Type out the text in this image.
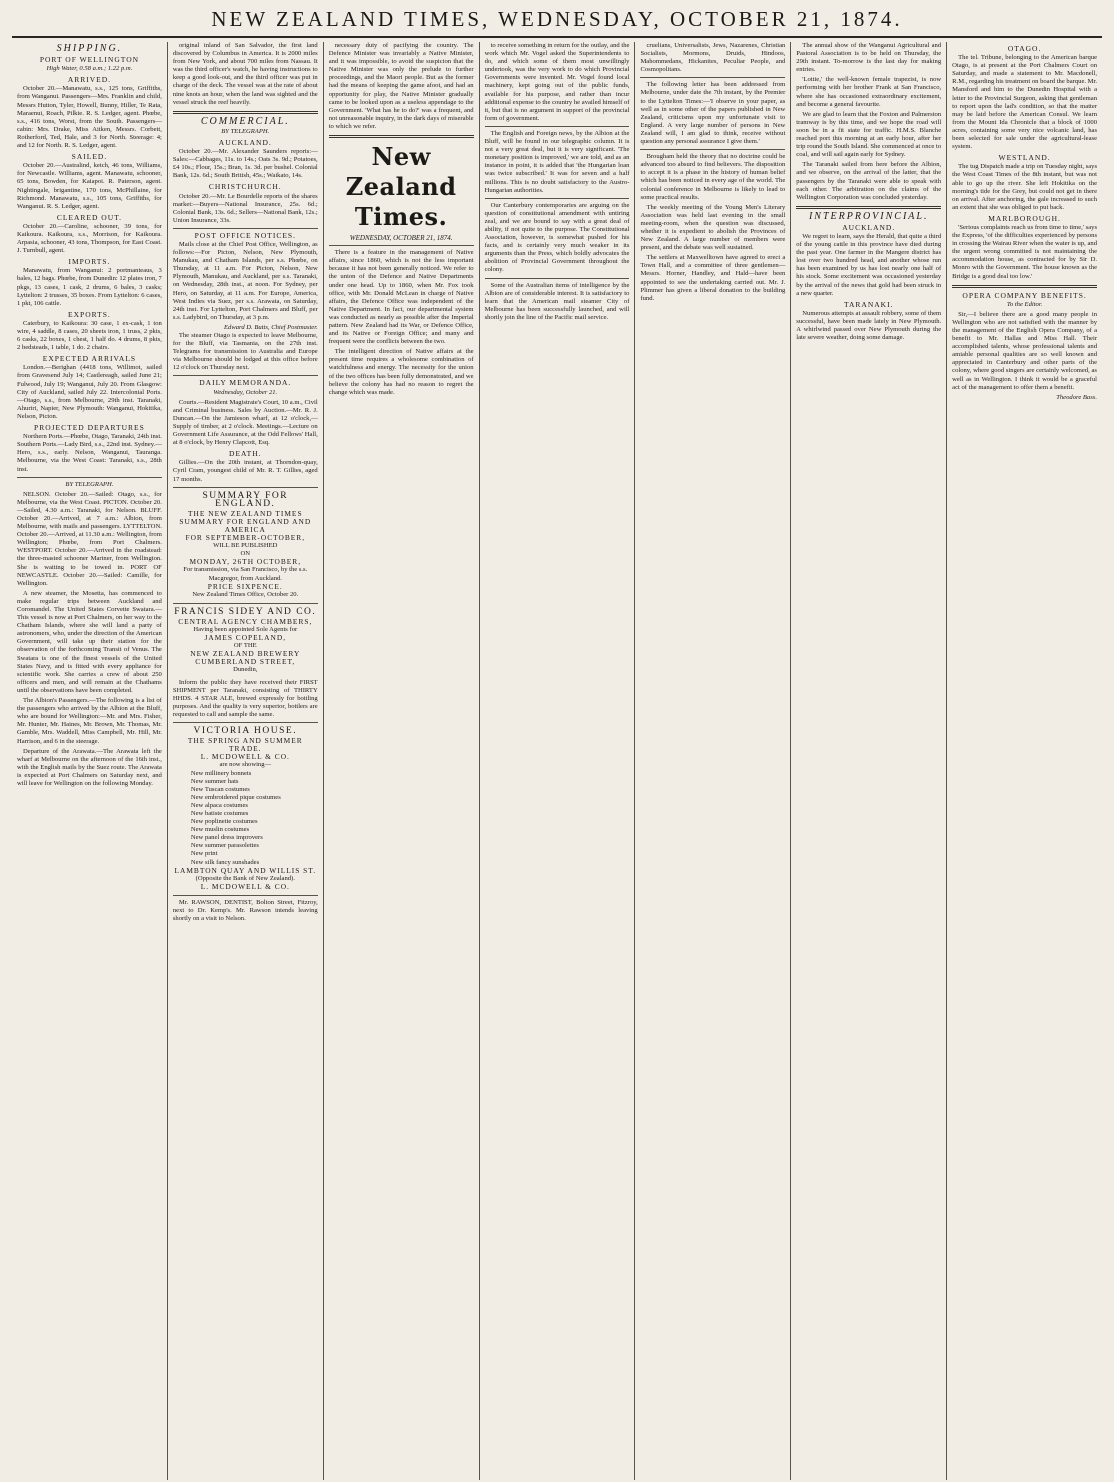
NEW ZEALAND TIMES, WEDNESDAY, OCTOBER 21, 1874.
SHIPPING.
PORT OF WELLINGTON
High Water, 0.58 a.m.; 1.22 p.m.
ARRIVED.

October 20.—Manawatu, s.s., 125 tons, Griffiths, from Wanganui. Passengers—Mrs. Franklin and child, Messrs Hutton, Tyler, Howell, Bunny, Hiller, Te Rata, Maraenui, Roach, Pilkie. R. S. Ledger, agent. Phœbe, s.s., 416 tons, Worst, from the South. Passengers—cabin: Mrs. Drake, Miss Aitken, Messrs. Corbett, Rotherford, Ted, Hale, and 3 for North. Steerage: 4; and 12 for North. R. S. Ledger, agent.

SAILED.

October 20.—Australind, ketch, 46 tons, Williams, for Newcastle. Williams, agent. Manawatu, schooner, 65 tons, Bowden, for Kaiapoi. R. Paterson, agent. Nightingale, brigantine, 170 tons, McPhillaine, for Richmond. Manawatu, s.s., 105 tons, Griffiths, for Wanganui. R. S. Ledger, agent.

CLEARED OUT.

October 20.—Caroline, schooner, 39 tons, for Kaikoura. Kaikoura, s.s., Morrison, for Kaikoura. Arpasia, schooner, 43 tons, Thompson, for East Coast. J. Turnbull, agent.

IMPORTS.

Manawatu, from Wanganui: 2 portmanteaus, 3 bales, 12 bags. Phœbe, from Dunedin: 12 plates iron, 7 pkgs, 13 cases, 1 cask, 2 drums, 6 bales, 3 casks; Lyttelton: 2 trusses, 35 boxes. From Lyttelton: 6 cases, 1 pkt, 106 cattle.

EXPORTS.

Caterbury, to Kaikoura: 30 case, 1 ex-cask, 1 ton wire, 4 saddle, 8 cases, 20 sheets iron, 1 truss, 2 pkts, 6 casks, 22 boxes, 1 chest, 1 half do. 4 drums, 8 pkts, 2 bedsteads, 1 table, 1 do. 2 chairs.

EXPECTED ARRIVALS

London.—Berighan (4418 tons, Willimot, sailed from Gravesend July 14; Castlereagh, sailed June 21; Fulwood, July 19; Wanganui, July 20. From Glasgow: City of Auckland, sailed July 22. Intercolonial Ports.—Otago, s.s., from Melbourne, 29th inst. Taranaki, Ahuriri, Napier, New Plymouth: Wanganui, Hokitika, Nelson, Picton.

PROJECTED DEPARTURES

Northern Ports.—Phœbe, Otago, Taranaki, 24th inst. Southern Ports.—Lady Bird, s.s., 22nd inst. Sydney.—Hero, s.s., early. Nelson, Wanganui, Tauranga. Melbourne, via the West Coast: Taranaki, s.s., 28th inst.

BY TELEGRAPH.

NELSON. October 20.—Sailed: Otago, s.s., for Melbourne, via the West Coast. PICTON. October 20.—Sailed, 4.30 a.m.: Taranaki, for Nelson. BLUFF. October 20.—Arrived, at 7 a.m.: Albion, from Melbourne, with mails and passengers. LYTTELTON. October 20.—Arrived, at 11.30 a.m.: Wellington, from Wellington; Phœbe, from Port Chalmers. WESTPORT. October 20.—Arrived in the roadstead: the three-masted schooner Mariner, from Wellington. She is waiting to be towed in. PORT OF NEWCASTLE. October 20.—Sailed: Camille, for Wellington.

A new steamer, the Mosetta, has commenced to make regular trips between Auckland and Coromandel. The United States Corvette Swatara.—This vessel is now at Port Chalmers, on her way to the Chatham Islands, where she will land a party of astronomers, who, under the direction of the American Government, will take up their station for the observation of the forthcoming Transit of Venus. The Swatara is one of the finest vessels of the United States Navy, and is fitted with every appliance for scientific work. She carries a crew of about 250 officers and men, and will remain at the Chathams until the observations have been completed.

The Albion's Passengers.—The following is a list of the passengers who arrived by the Albion at the Bluff, who are bound for Wellington:—Mr. and Mrs. Fisher, Mr. Hunter, Mr. Haines, Mr. Brown, Mr. Thomas, Mr. Gamble, Mrs. Waddell, Miss Campbell, Mr. Hill, Mr. Harrison, and 6 in the steerage.

Departure of the Arawata.—The Arawata left the wharf at Melbourne on the afternoon of the 16th inst., with the English mails by the Suez route. The Arawata is expected at Port Chalmers on Saturday next, and will leave for Wellington on the following Monday.

original inland of San Salvador, the first land discovered by Columbus in America. It is 2000 miles from New York, and about 700 miles from Nassau. It was the third officer's watch, he having instructions to keep a good look-out, and the third officer was put in charge of the deck. The vessel was at the rate of about nine knots an hour, when the land was sighted and the vessel struck the reef heavily.

COMMERCIAL.
BY TELEGRAPH.
AUCKLAND.

October 20.—Mr. Alexander Saunders reports:—Sales:—Cabbages, 11s. to 14s.; Oats 3s. 9d.; Potatoes, £4 10s.; Flour, 15s.; Bran, 1s. 3d. per bushel. Colonial Bank, 12s. 6d.; South British, 45s.; Waikato, 14s.

CHRISTCHURCH.

October 20.—Mr. Le Bourdelle reports of the shares market:—Buyers—National Insurance, 25s. 6d.; Colonial Bank, 13s. 6d.; Sellers—National Bank, 12s.; Union Insurance, 33s.

POST OFFICE NOTICES.

Mails close at the Chief Post Office, Wellington, as follows:—For Picton, Nelson, New Plymouth, Manukau, and Chatham Islands, per s.s. Phœbe, on Thursday, at 11 a.m. For Picton, Nelson, New Plymouth, Manukau, and Auckland, per s.s. Taranaki, on Wednesday, 28th inst., at noon. For Sydney, per Hero, on Saturday, at 11 a.m. For Europe, America, West Indies via Suez, per s.s. Arawata, on Saturday, 24th inst. For Lyttelton, Port Chalmers and Bluff, per s.s. Ladybird, on Thursday, at 3 p.m.

Edward D. Butts, Chief Postmaster.

The steamer Otago is expected to leave Melbourne, for the Bluff, via Tasmania, on the 27th inst. Telegrams for transmission to Australia and Europe via Melbourne should be lodged at this office before 12 o'clock on Thursday next.

DAILY MEMORANDA.
Wednesday, October 21.

Courts.—Resident Magistrate's Court, 10 a.m., Civil and Criminal business. Sales by Auction.—Mr. R. J. Duncan.—On the Jamieson wharf, at 12 o'clock,—Supply of timber, at 2 o'clock. Meetings.—Lecture on Government Life Assurance, at the Odd Fellows' Hall, at 8 o'clock, by Henry Clapcott, Esq.

DEATH.

Gillies.—On the 20th instant, at Thorndon-quay, Cyril Cram, youngest child of Mr. R. T. Gillies, aged 17 months.

SUMMARY FOR ENGLAND.
THE NEW ZEALAND TIMES
SUMMARY FOR ENGLAND AND AMERICA
FOR SEPTEMBER-OCTOBER,
WILL BE PUBLISHED
ON
MONDAY, 26TH OCTOBER,
For transmission, via San Francisco, by the s.s. Macgregor, from Auckland.
PRICE SIXPENCE.
New Zealand Times Office, October 20.
FRANCIS SIDEY AND CO.
CENTRAL AGENCY CHAMBERS,
Having been appointed Sole Agents for
JAMES COPELAND,
OF THE
NEW ZEALAND BREWERY
CUMBERLAND STREET,
Dunedin,

Inform the public they have received their FIRST SHIPMENT per Taranaki, consisting of THIRTY HHDS. 4 STAR ALE, brewed expressly for bottling purposes. And the quality is very superior, bottlers are requested to call and sample the same.

VICTORIA HOUSE.
THE SPRING AND SUMMER TRADE.
L. MCDOWELL & CO.
are now showing—
New millinery bonnets
New summer hats
New Tuscan costumes
New embroidered pique costumes
New alpaca costumes
New batiste costumes
New poplinette costumes
New muslin costumes
New panel dress improvers
New summer parasolettes
New print
New silk fancy sunshades
LAMBTON QUAY AND WILLIS ST.
(Opposite the Bank of New Zealand).
L. MCDOWELL & CO.

Mr. RAWSON, DENTIST, Bolton Street, Fitzroy, next to Dr. Kemp's. Mr. Rawson intends leaving shortly on a visit to Nelson.

necessary duty of pacifying the country. The Defence Minister was invariably a Native Minister, and it was impossible, to avoid the suspicion that the Native Minister was only the prelude to further proceedings, and the Maori people. But as the former had the means of keeping the game afoot, and had an opportunity for play, the Native Minister gradually came to be looked upon as a useless appendage to the Government. 'What has he to do?' was a frequent, and not unreasonable inquiry, in the dark days of miserable to which we refer.

New Zealand Times.
WEDNESDAY, OCTOBER 21, 1874.

There is a feature in the management of Native affairs, since 1860, which is not the less important because it has not been generally noticed. We refer to the union of the Defence and Native Departments under one head. Up to 1860, when Mr. Fox took office, with Mr. Donald McLean in charge of Native affairs, the Defence Office was independent of the Native Department. In fact, our departmental system was conducted as nearly as possible after the Imperial pattern. New Zealand had its War, or Defence Office, and its Native or Foreign Office; and many and frequent were the conflicts between the two.

The intelligent direction of Native affairs at the present time requires a wholesome combination of watchfulness and energy. The necessity for the union of the two offices has been fully demonstrated, and we believe the colony has had no reason to regret the change which was made.

to receive something in return for the outlay, and the work which Mr. Vogel asked the Superintendents to do, and which some of them most unwillingly undertook, was the very work to do which Provincial Governments were invented. Mr. Vogel found local machinery, kept going out of the public funds, available for his purpose, and rather than incur additional expense to the country he availed himself of it, but that is no argument in support of the provincial form of government.

The English and Foreign news, by the Albion at the Bluff, will be found in our telegraphic column. It is not a very great deal, but it is very significant. 'The monetary position is improved,' we are told, and as an instance in point, it is added that 'the Hungarian loan was twice subscribed.' It was for seven and a half millions. This is no doubt satisfactory to the Austro-Hungarian authorities.

Our Canterbury contemporaries are arguing on the question of constitutional amendment with untiring zeal, and we are bound to say with a great deal of ability, if not quite to the purpose. The Constitutional Association, however, is somewhat pushed for his facts, and is certainly very much weaker in its arguments than the Press, which boldly advocates the abolition of Provincial Government throughout the colony.

Some of the Australian items of intelligence by the Albion are of considerable interest. It is satisfactory to learn that the American mail steamer City of Melbourne has been successfully launched, and will shortly join the line of the Pacific mail service.

cruelians, Universalists, Jews, Nazarenes, Christian Socialists, Mormons, Druids, Hindoos, Mahommedans, Hickanites, Peculiar People, and Cosmopolitans.

The following letter has been addressed from Melbourne, under date the 7th instant, by the Premier to the Lyttelton Times:—'I observe in your paper, as well as in some other of the papers published in New Zealand, criticisms upon my unfortunate visit to England. A very large number of persons in New Zealand will, I am glad to think, receive without question any personal assurance I give them.'

Brougham held the theory that no doctrine could be advanced too absurd to find believers. The disposition to accept it is a phase in the history of human belief which has been noticed in every age of the world. The colonial conference in Melbourne is likely to lead to some practical results.

The weekly meeting of the Young Men's Literary Association was held last evening in the small meeting-room, when the question was discussed, whether it is expedient to abolish the Provinces of New Zealand. A large number of members were present, and the debate was well sustained.

The settlers at Maxwelltown have agreed to erect a Town Hall, and a committee of three gentlemen—Messrs. Horner, Handley, and Hald—have been appointed to see the undertaking carried out. Mr. J. Plimmer has given a liberal donation to the building fund.

The annual show of the Wanganui Agricultural and Pastoral Association is to be held on Thursday, the 29th instant. To-morrow is the last day for making entries.

'Lottie,' the well-known female trapezist, is now performing with her brother Frank at San Francisco, where she has occasioned extraordinary excitement, and become a general favourite.

We are glad to learn that the Foxton and Palmerston tramway is by this time, and we hope the road will soon be in a fit state for traffic. H.M.S. Blanche reached port this morning at an early hour, after her trip round the South Island. She commenced at once to coal, and will sail again early for Sydney.

The Taranaki sailed from here before the Albion, and we observe, on the arrival of the latter, that the passengers by the Taranaki were able to speak with each other. The arbitration on the claims of the Wellington Corporation was concluded yesterday.

INTERPROVINCIAL.
AUCKLAND.

We regret to learn, says the Herald, that quite a third of the young cattle in this province have died during the past year. One farmer in the Mangere district has lost over two hundred head, and another whose run has been examined by us has lost nearly one half of his stock. Some excitement was occasioned yesterday by the arrival of the news that gold had been struck in a new quarter.

TARANAKI.

Numerous attempts at assault robbery, some of them successful, have been made lately in New Plymouth. A whirlwind passed over New Plymouth during the late severe weather, doing some damage.

OTAGO.

The tel. Tribune, belonging to the American barque Otago, is at present at the Port Chalmers Court on Saturday, and made a statement to Mr. Macdonell, R.M., regarding his treatment on board the barque. Mr. Mansford and him to the Dunedin Hospital with a letter to the Provincial Surgeon, asking that gentleman to report upon the lad's condition, so that the matter may be laid before the American Consul. We learn from the Mount Ida Chronicle that a block of 1000 acres, containing some very nice volcanic land, has been selected for sale under the agricultural-lease system.

WESTLAND.

The tug Dispatch made a trip on Tuesday night, says the West Coast Times of the 8th instant, but was not able to go up the river. She left Hokitika on the morning's tide for the Grey, but could not get in there on arrival. After anchoring, the gale increased to such an extent that she was obliged to put back.

MARLBOROUGH.

'Serious complaints reach us from time to time,' says the Express, 'of the difficulties experienced by persons in crossing the Wairau River when the water is up, and the urgent wrong committed is not maintaining the accommodation house, as contracted for by Sir D. Monro with the Government. The house known as the Bridge is a good deal too low.'

OPERA COMPANY BENEFITS.
To the Editor.

Sir,—I believe there are a good many people in Wellington who are not satisfied with the manner by the management of the English Opera Company, of a benefit to Mr. Hallas and Miss Hall. Their accomplished talents, whose professional talents and amiable personal qualities are so well known and appreciated in Canterbury and other parts of the colony, where good singers are certainly welcomed, as well as in Wellington. I think it would be a graceful act of the management to offer them a benefit.

Theodore Bass.
